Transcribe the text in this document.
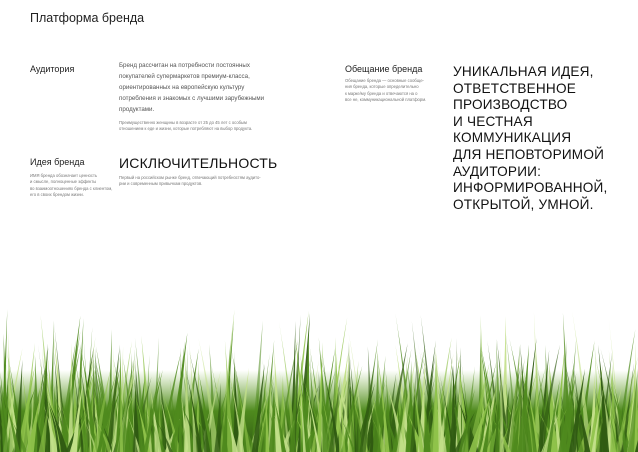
Платформа бренда
Аудитория	Бренд рассчитан на потребности постоянных
покупателей супермаркетов премиум-класса,
ориентированных на европейскую культуру
потребления и знакомых с лучшими зарубежными
продуктами.
Преимущественно женщины в возрасте от 25 до 45 лет с особым
отношением к еде и жизни, которые потребляют на выбор продукта.
Идея бренда
ИМЯ бренда обозначает ценность
и смысле, полноценные эффекты
во взаимоотношениях бренда с клиентом,
его в своих брендом жизни.
ИСКЛЮЧИТЕЛЬНОСТЬ
Первый на российском рынке бренд, отвечающий потребностям аудито-
рии и современным привычкам продуктов.
Обещание бренда
Обещание бренда — основные сообще-
ния бренда, которые определительно
к марке/му бренда и отвечаются на о
все не, коммуникациональной платформ.
УНИКАЛЬНАЯ ИДЕЯ,
ОТВЕТСТВЕННОЕ
ПРОИЗВОДСТВО
И ЧЕСТНАЯ
КОММУНИКАЦИЯ
ДЛЯ НЕПОВТОРИМОЙ
АУДИТОРИИ:
ИНФОРМИРОВАННОЙ,
ОТКРЫТОЙ, УМНОЙ.
